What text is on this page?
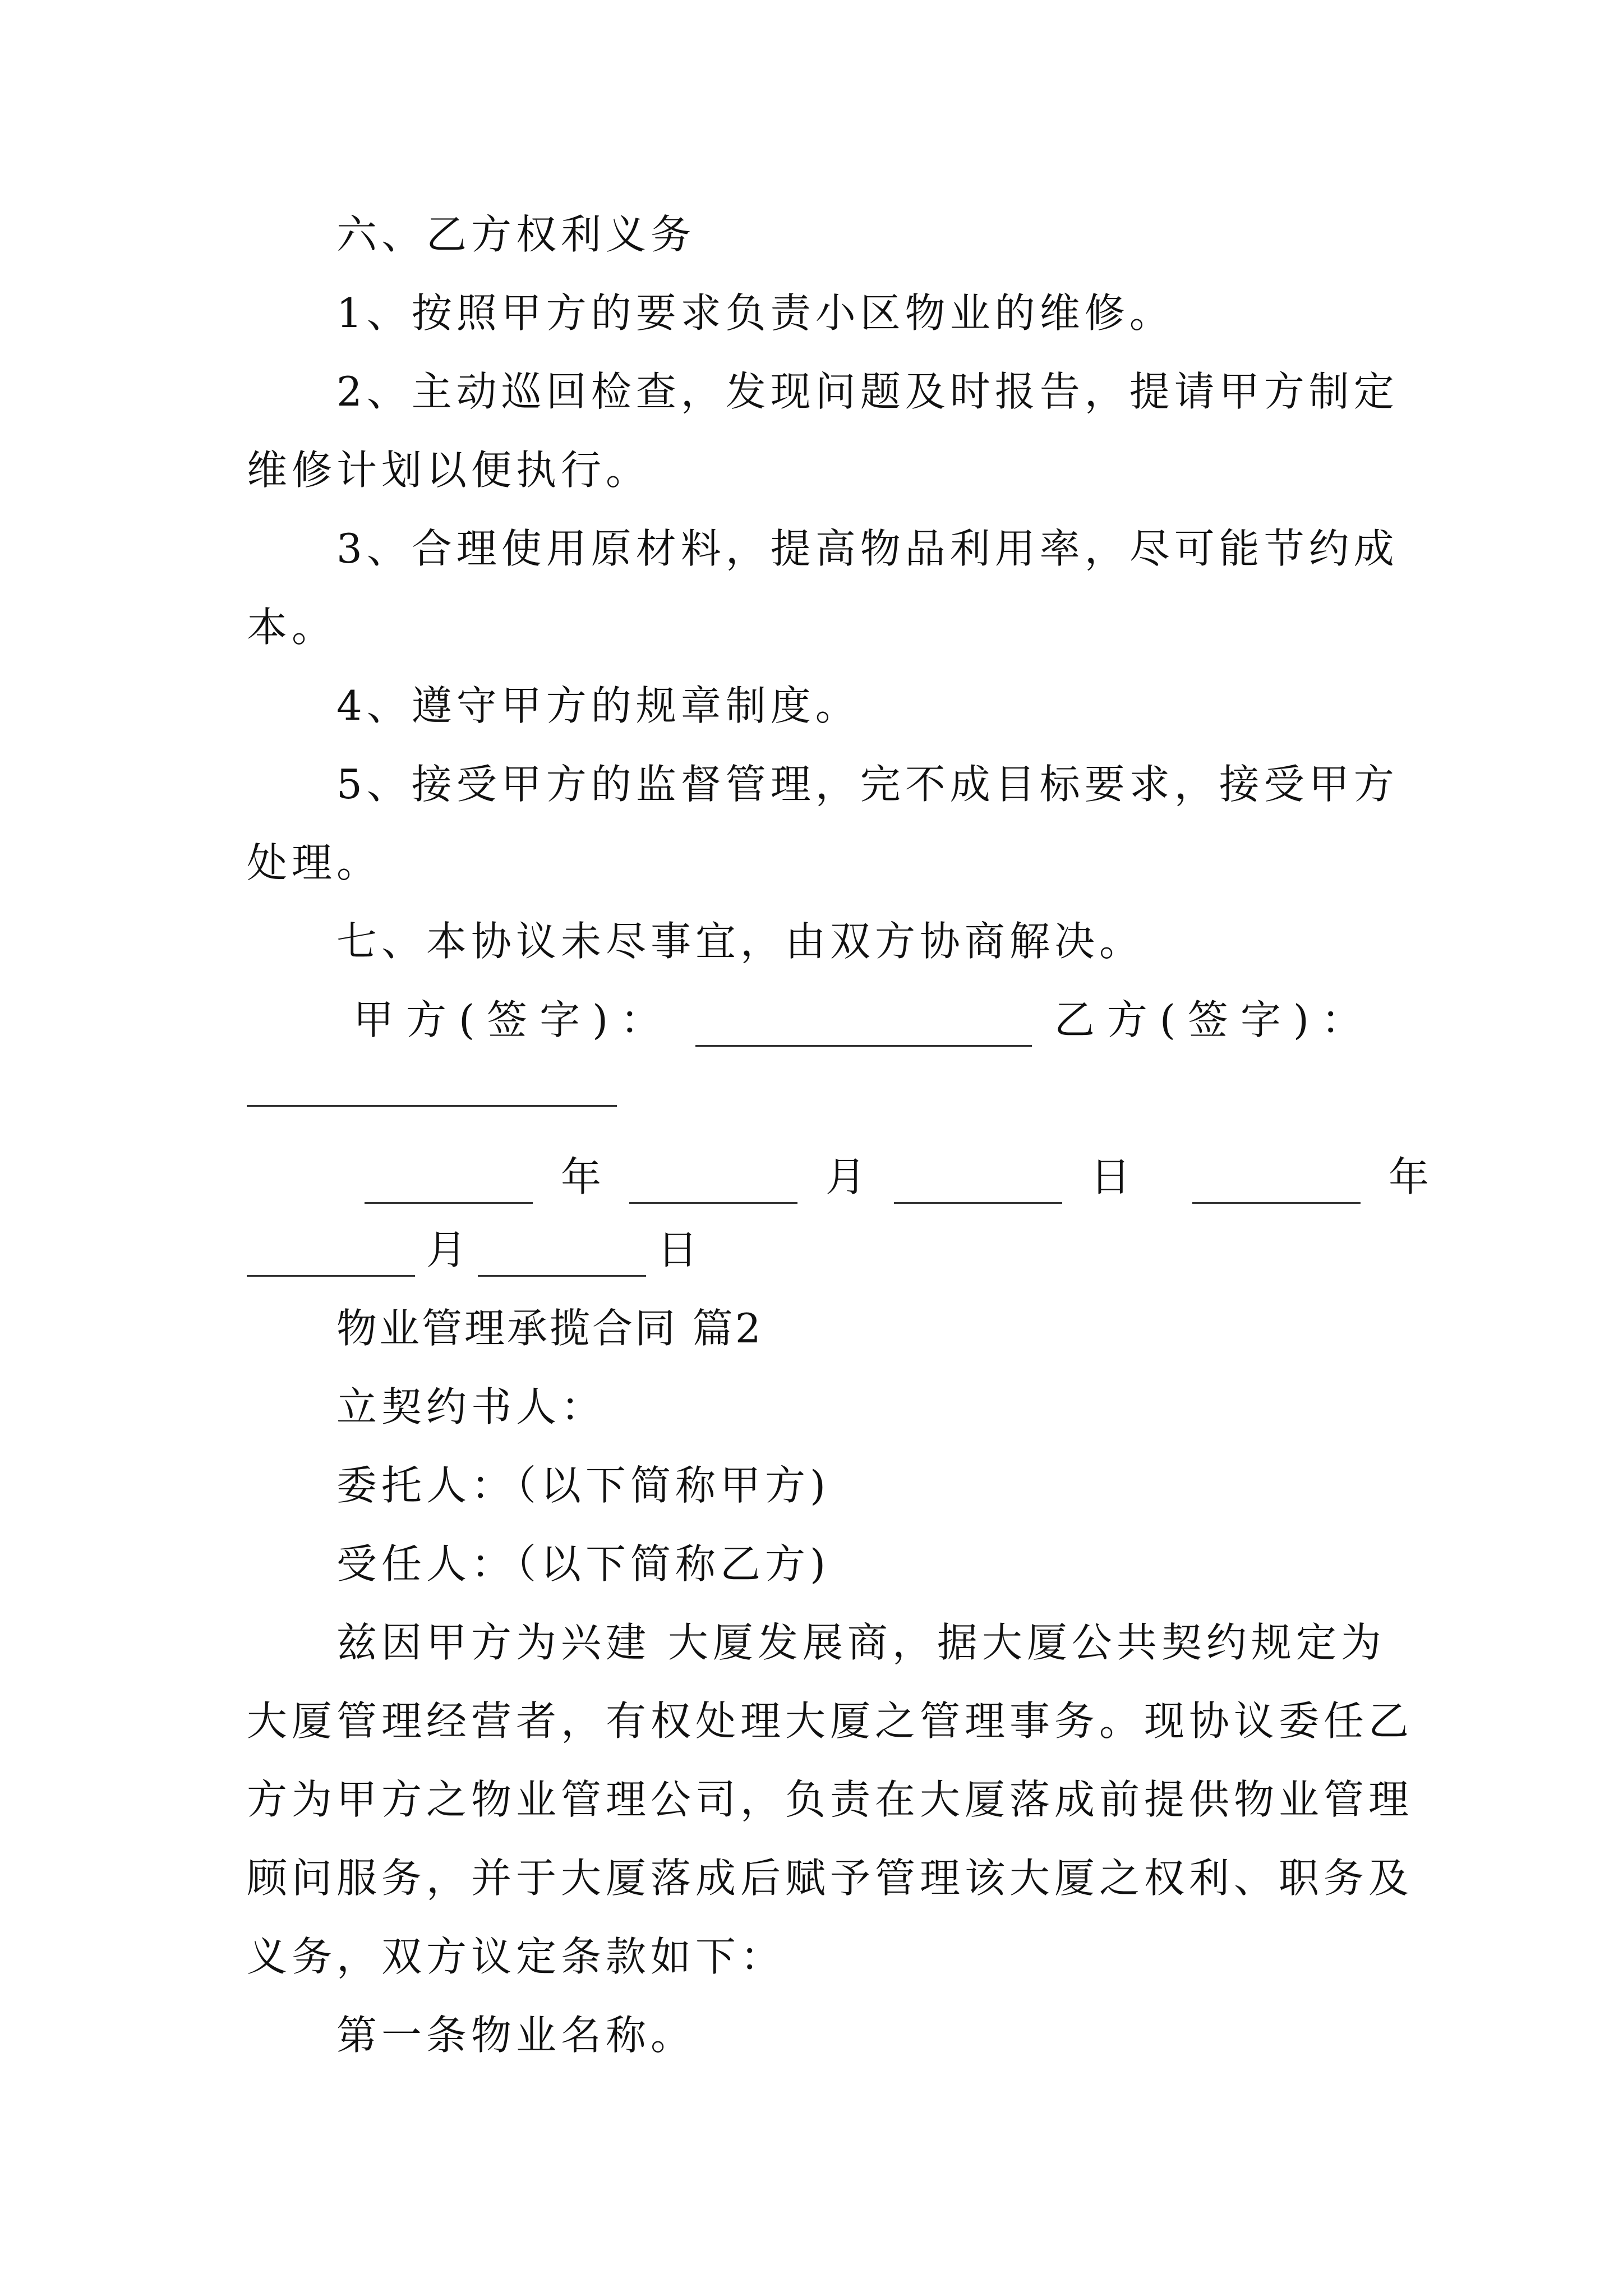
六、乙方权利义务
1、按照甲方的要求负责小区物业的维修。
2、主动巡回检查，发现问题及时报告，提请甲方制定
维修计划以便执行。
3、合理使用原材料，提高物品利用率，尽可能节约成
本。
4、遵守甲方的规章制度。
5、接受甲方的监督管理，完不成目标要求，接受甲方
处理。
七、本协议未尽事宜，由双方协商解决。
甲方(签字)：	乙方(签字)：
年	月	日	年
月	日
物业管理承揽合同 篇2
立契约书人：
委托人：（以下简称甲方)
受任人：（以下简称乙方)
兹因甲方为兴建 大厦发展商，据大厦公共契约规定为
大厦管理经营者，有权处理大厦之管理事务。现协议委任乙
方为甲方之物业管理公司，负责在大厦落成前提供物业管理
顾问服务，并于大厦落成后赋予管理该大厦之权利、职务及
义务，双方议定条款如下：
第一条物业名称。
